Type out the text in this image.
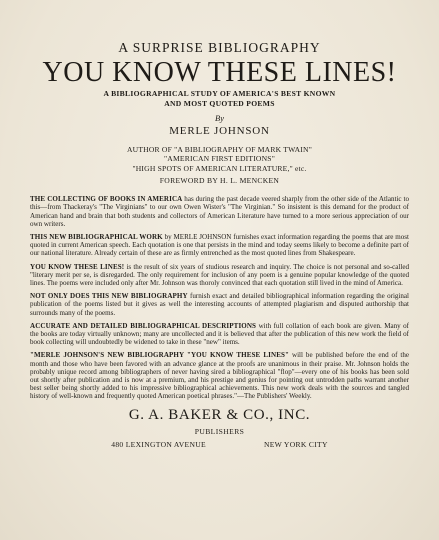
A SURPRISE BIBLIOGRAPHY
YOU KNOW THESE LINES!
A BIBLIOGRAPHICAL STUDY OF AMERICA'S BEST KNOWN
AND MOST QUOTED POEMS
By
MERLE JOHNSON
AUTHOR OF "A BIBLIOGRAPHY OF MARK TWAIN"
"AMERICAN FIRST EDITIONS"
"HIGH SPOTS OF AMERICAN LITERATURE," etc.
FOREWORD BY H. L. MENCKEN

THE COLLECTING OF BOOKS IN AMERICA has during the past decade veered sharply from the other side of the Atlantic to this—from Thackeray's "The Virginians" to our own Owen Wister's "The Virginian." So insistent is this demand for the product of American hand and brain that both students and collectors of American Literature have turned to a more serious appreciation of our own writers.

THIS NEW BIBLIOGRAPHICAL WORK by MERLE JOHNSON furnishes exact information regarding the poems that are most quoted in current American speech. Each quotation is one that persists in the mind and today seems likely to become a definite part of our national literature. Already certain of these are as firmly entrenched as the most quoted lines from Shakespeare.

YOU KNOW THESE LINES! is the result of six years of studious research and inquiry. The choice is not personal and so-called "literary merit per se, is disregarded. The only requirement for inclusion of any poem is a genuine popular knowledge of the quoted lines. The poems were included only after Mr. Johnson was thoroly convinced that each quotation still lived in the mind of America.

NOT ONLY DOES THIS NEW BIBLIOGRAPHY furnish exact and detailed bibliographical information regarding the original publication of the poems listed but it gives as well the interesting accounts of attempted plagiarism and disputed authorship that surrounds many of the poems.

ACCURATE AND DETAILED BIBLIOGRAPHICAL DESCRIPTIONS with full collation of each book are given. Many of the books are today virtually unknown; many are uncollected and it is believed that after the publication of this new work the field of book collecting will undoubtedly be widened to take in these "new" items.

"MERLE JOHNSON'S NEW BIBLIOGRAPHY "YOU KNOW THESE LINES" will be published before the end of the month and those who have been favored with an advance glance at the proofs are unanimous in their praise. Mr. Johnson holds the probably unique record among bibliographers of never having sired a bibliographical "flop"—every one of his books has been sold out shortly after publication and is now at a premium, and his prestige and genius for pointing out untrodden paths warrant another best seller being shortly added to his impressive bibliographical achievements. This new work deals with the sources and tangled history of well-known and frequently quoted American poetical phrases."—The Publishers' Weekly.

G. A. BAKER & CO., INC.
PUBLISHERS
480 LEXINGTON AVENUE	NEW YORK CITY
